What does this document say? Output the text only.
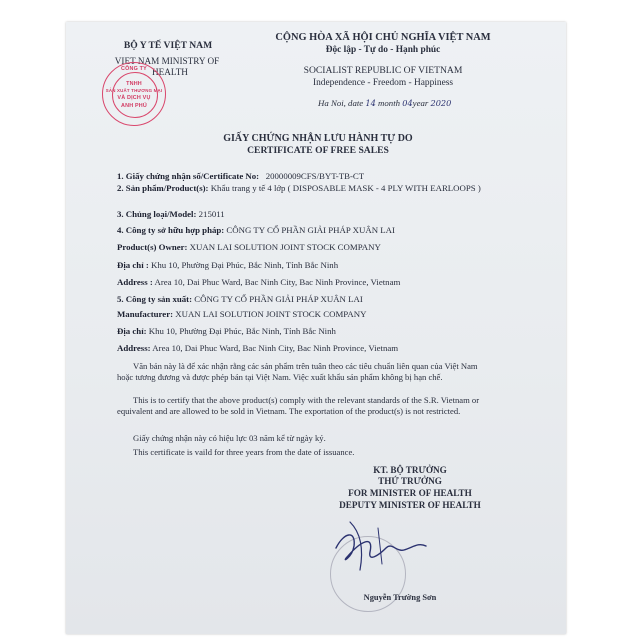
BỘ Y TẾ VIỆT NAM
VIET NAM MINISTRY OF
HEALTH
CÔNG TY
TNHH
SẢN XUẤT THƯƠNG MẠI
VÀ DỊCH VỤ
ANH PHÚ
CỘNG HÒA XÃ HỘI CHỦ NGHĨA VIỆT NAM
Độc lập - Tự do - Hạnh phúc
SOCIALIST REPUBLIC OF VIETNAM
Independence - Freedom - Happiness
Ha Noi, date 14 month 04year 2020
GIẤY CHỨNG NHẬN LƯU HÀNH TỰ DO
CERTIFICATE OF FREE SALES
1. Giấy chứng nhận số/Certificate No: 20000009CFS/BYT-TB-CT
2. Sản phẩm/Product(s): Khẩu trang y tế 4 lớp ( DISPOSABLE MASK - 4 PLY WITH EARLOOPS )
3. Chủng loại/Model: 215011
4. Công ty sở hữu hợp pháp: CÔNG TY CỔ PHẦN GIẢI PHÁP XUÂN LAI
Product(s) Owner: XUAN LAI SOLUTION JOINT STOCK COMPANY
Địa chỉ : Khu 10, Phường Đại Phúc, Bắc Ninh, Tỉnh Bắc Ninh
Address : Area 10, Dai Phuc Ward, Bac Ninh City, Bac Ninh Province, Vietnam
5. Công ty sản xuất: CÔNG TY CỔ PHẦN GIẢI PHÁP XUÂN LAI
Manufacturer: XUAN LAI SOLUTION JOINT STOCK COMPANY
Địa chỉ: Khu 10, Phường Đại Phúc, Bắc Ninh, Tỉnh Bắc Ninh
Address: Area 10, Dai Phuc Ward, Bac Ninh City, Bac Ninh Province, Vietnam
Văn bản này là để xác nhận rằng các sản phẩm trên tuân theo các tiêu chuẩn liên quan của Việt Nam hoặc tương đương và được phép bán tại Việt Nam. Việc xuất khẩu sản phẩm không bị hạn chế.
This is to certify that the above product(s) comply with the relevant standards of the S.R. Vietnam or equivalent and are allowed to be sold in Vietnam. The exportation of the product(s) is not restricted.
Giấy chứng nhận này có hiệu lực 03 năm kể từ ngày ký.
This certificate is vaild for three years from the date of issuance.
KT. BỘ TRƯỞNG
THỨ TRƯỞNG
FOR MINISTER OF HEALTH
DEPUTY MINISTER OF HEALTH
Nguyễn Trường Sơn
